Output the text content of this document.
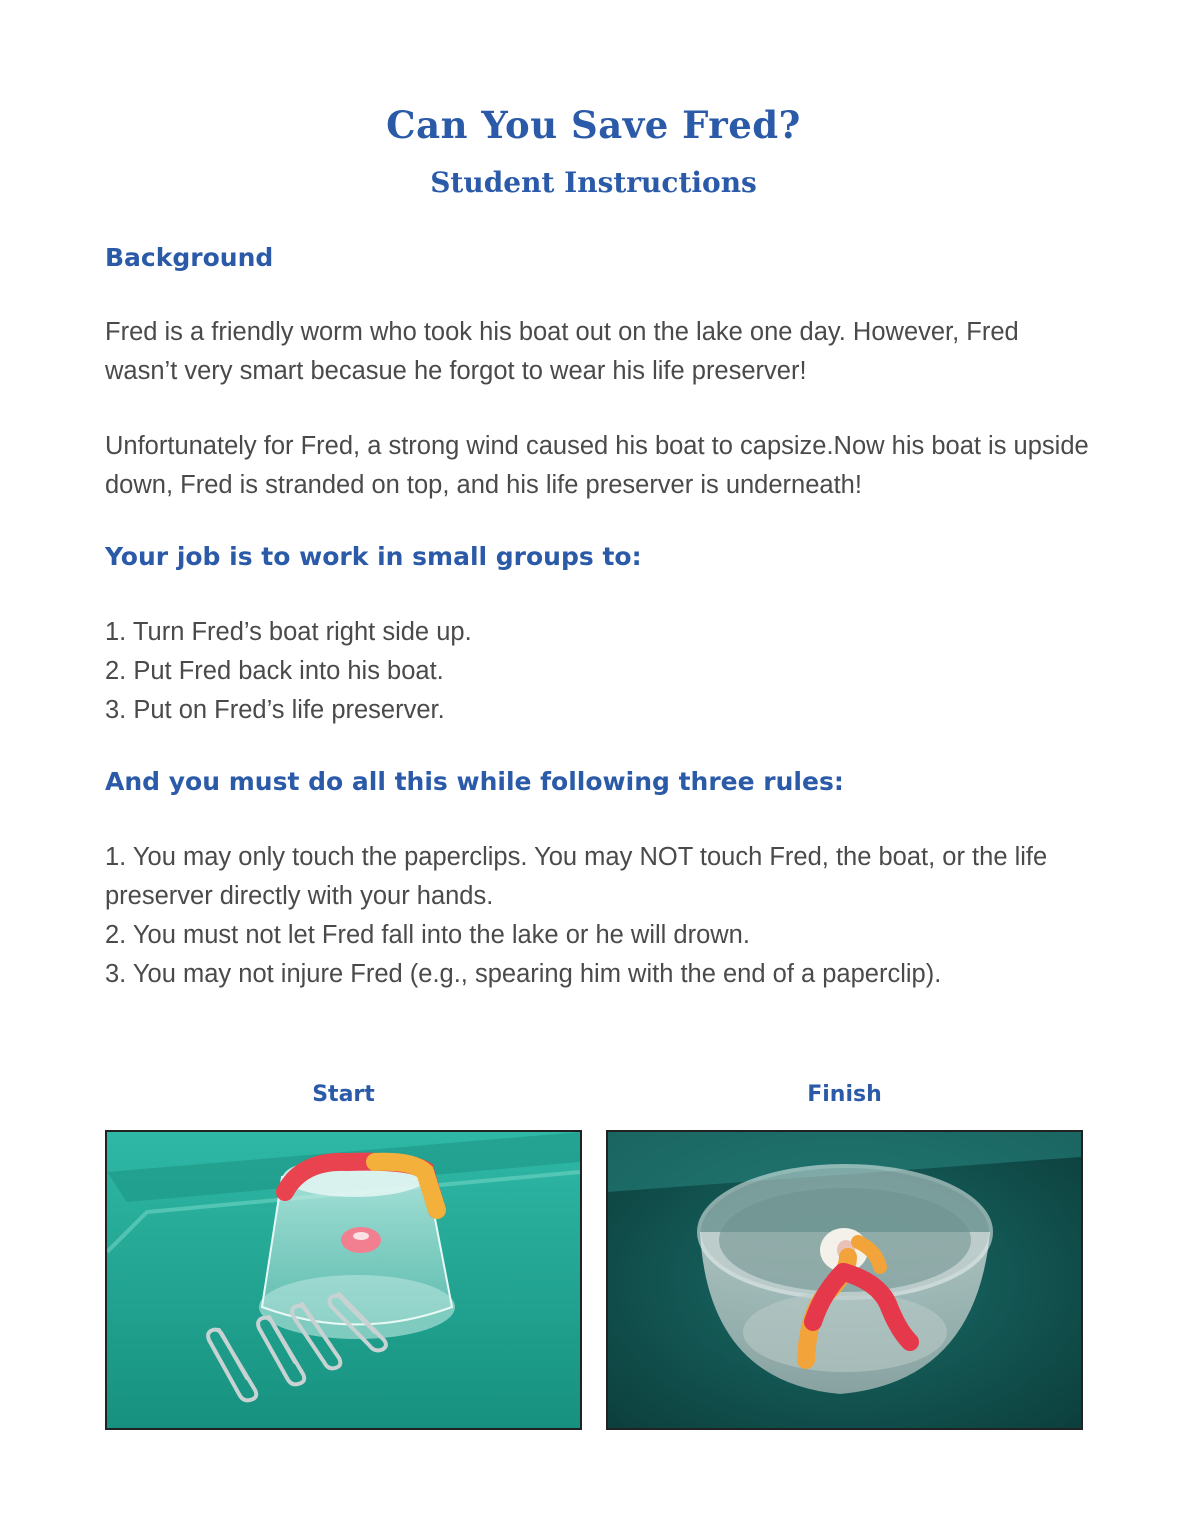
Can You Save Fred?
Student Instructions
Background

Fred is a friendly worm who took his boat out on the lake one day. However, Fred wasn’t very smart becasue he forgot to wear his life preserver!

Unfortunately for Fred, a strong wind caused his boat to capsize.Now his boat is upside down, Fred is stranded on top, and his life preserver is underneath!

Your job is to work in small groups to:
1. Turn Fred’s boat right side up.
2. Put Fred back into his boat.
3. Put on Fred’s life preserver.
And you must do all this while following three rules:
1. You may only touch the paperclips. You may NOT touch Fred, the boat, or the life preserver directly with your hands.
2. You must not let Fred fall into the lake or he will drown.
3. You may not injure Fred (e.g., spearing him with the end of a paperclip).
Start	Finish
